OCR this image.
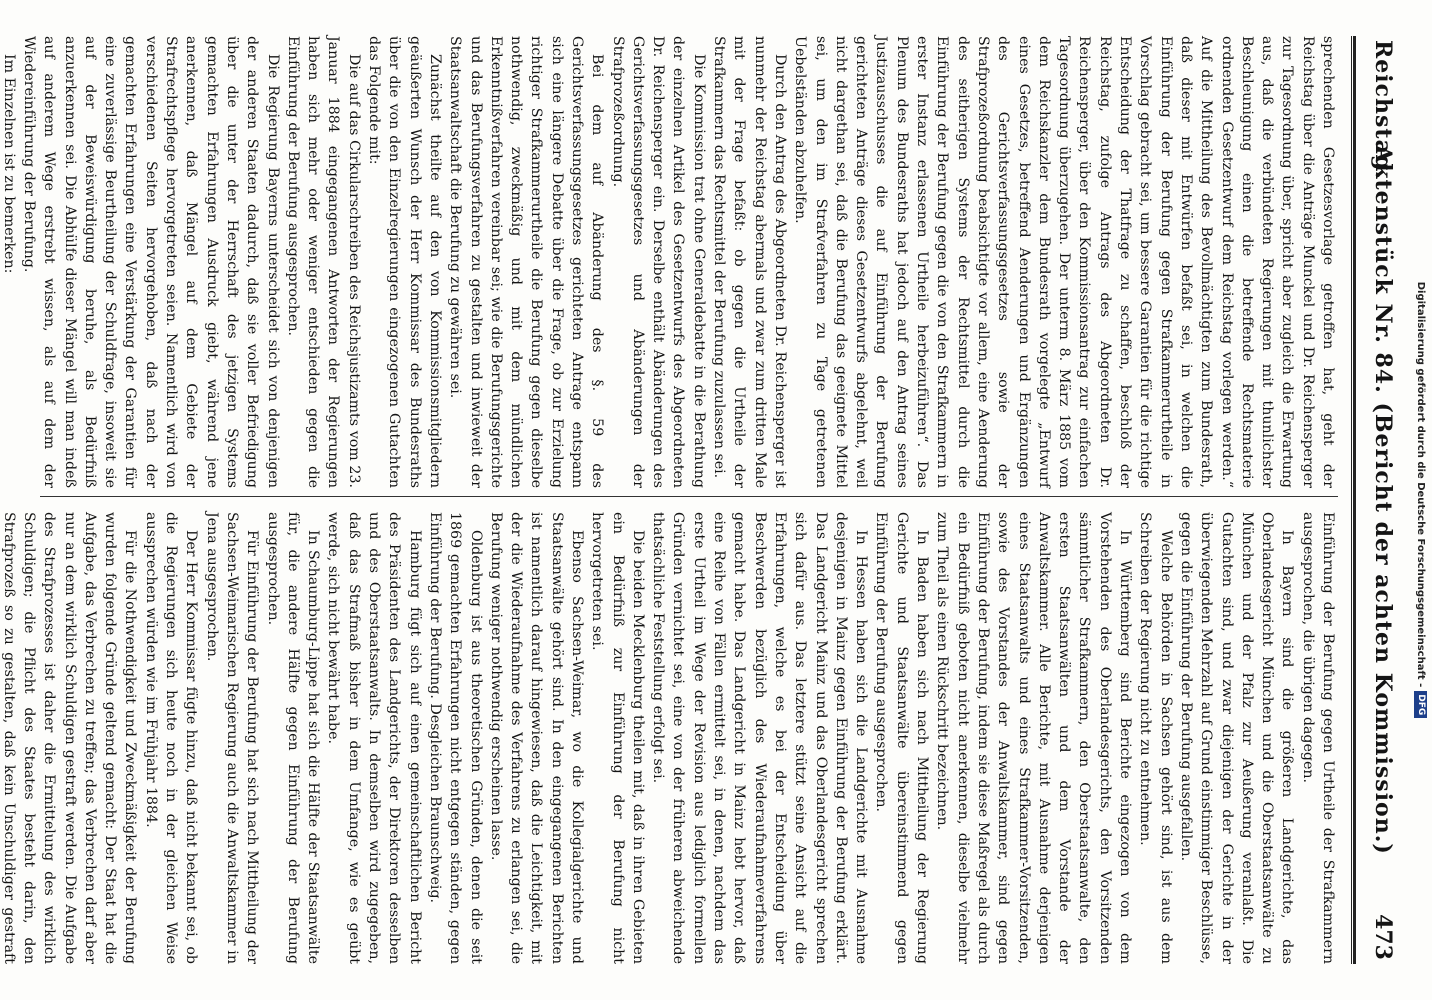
Reichstag.
Aktenstück Nr. 84. (Bericht der achten Kommission.)
473

sprechenden Gesetzesvorlage getroffen hat, geht der Reichstag über die Anträge Munckel und Dr. Reichensperger zur Tagesordnung über, spricht aber zugleich die Erwartung aus, daß die verbündeten Regierungen mit thunlichster Beschleunigung einen die betreffende Rechtsmaterie ordnenden Gesetzentwurf dem Reichstag vorlegen werden.“ Auf die Mittheilung des Bevollmächtigten zum Bundesrath, daß dieser mit Entwürfen befaßt sei, in welchen die Einführung der Berufung gegen Strafkammerurtheile in Vorschlag gebracht sei, um bessere Garantien für die richtige Entscheidung der Thatfrage zu schaffen, beschloß der Reichstag, zufolge Antrags des Abgeordneten Dr. Reichensperger, über den Kommissionsantrag zur einfachen Tagesordnung überzugehen. Der unterm 8. März 1885 vom dem Reichskanzler dem Bundesrath vorgelegte „Entwurf eines Gesetzes, betreffend Aenderungen und Ergänzungen des Gerichtsverfassungsgesetzes sowie der Strafprozeßordnung beabsichtigte vor allem, eine Aenderung des seitherigen Systems der Rechtsmittel durch die Einführung der Berufung gegen die von den Strafkammern in erster Instanz erlassenen Urtheile herbeizuführen“. Das Plenum des Bundesraths hat jedoch auf den Antrag seines Justizausschusses die auf Einführung der Berufung gerichteten Anträge dieses Gesetzentwurfs abgelehnt, weil nicht dargethan sei, daß die Berufung das geeignete Mittel sei, um den im Strafverfahren zu Tage getretenen Uebelständen abzuhelfen.

Durch den Antrag des Abgeordneten Dr. Reichensperger ist nunmehr der Reichstag abermals und zwar zum dritten Male mit der Frage befaßt: ob gegen die Urtheile der Strafkammern das Rechtsmittel der Berufung zuzulassen sei.

Die Kommission trat ohne Generaldebatte in die Berathung der einzelnen Artikel des Gesetzentwurfs des Abgeordneten Dr. Reichensperger ein. Derselbe enthält Abänderungen des Gerichtsverfassungsgesetzes und Abänderungen der Strafprozeßordnung.

Bei dem auf Abänderung des §. 59 des Gerichtsverfassungsgesetzes gerichteten Antrage entspann sich eine längere Debatte über die Frage, ob zur Erzielung richtiger Strafkammerurtheile die Berufung gegen dieselbe nothwendig, zweckmäßig und mit dem mündlichen Erkenntnißverfahren vereinbar sei; wie die Berufungsgerichte und das Berufungsverfahren zu gestalten und inwieweit der Staatsanwaltschaft die Berufung zu gewähren sei.

Zunächst theilte auf den von Kommissionsmitgliedern geäußerten Wunsch der Herr Kommissar des Bundesraths über die von den Einzelregierungen eingezogenen Gutachten das Folgende mit:

Die auf das Cirkularschreiben des Reichsjustizamts vom 23. Januar 1884 eingegangenen Antworten der Regierungen haben sich mehr oder weniger entschieden gegen die Einführung der Berufung ausgesprochen.

Die Regierung Bayerns unterscheidet sich von denjenigen der anderen Staaten dadurch, daß sie voller Befriedigung über die unter der Herrschaft des jetzigen Systems gemachten Erfahrungen Ausdruck giebt, während jene anerkennen, daß Mängel auf dem Gebiete der Strafrechtspflege hervorgetreten seien. Namentlich wird von verschiedenen Seiten hervorgehoben, daß nach der gemachten Erfahrungen eine Verstärkung der Garantien für eine zuverlässige Beurtheilung der Schuldfrage, insoweit sie auf der Beweiswürdigung beruhe, als Bedürfniß anzuerkennen sei. Die Abhülfe dieser Mängel will man indeß auf anderem Wege erstrebt wissen, als auf dem der Wiedereinführung der Berufung.

Im Einzelnen ist zu bemerken:

Einführung der Berufung gegen Urtheile der Strafkammern ausgesprochen, die übrigen dagegen.

In Bayern sind die größeren Landgerichte, das Oberlandesgericht München und die Oberstaatsanwälte zu München und der Pfalz zur Aeußerung veranlaßt. Die Gutachten sind, und zwar diejenigen der Gerichte in der überwiegenden Mehrzahl auf Grund einstimmiger Beschlüsse, gegen die Einführung der Berufung ausgefallen.

Welche Behörden in Sachsen gehört sind, ist aus dem Schreiben der Regierung nicht zu entnehmen.

In Württemberg sind Berichte eingezogen von dem Vorstehenden des Oberlandesgerichts, den Vorsitzenden sämmtlicher Strafkammern, den Oberstaatsanwalte, den ersten Staatsanwälten und dem Vorstande der Anwaltskammer. Alle Berichte, mit Ausnahme derjenigen eines Staatsanwalts und eines Strafkammer-Vorsitzenden, sowie des Vorstandes der Anwaltskammer, sind gegen Einführung der Berufung, indem sie diese Maßregel als durch ein Bedürfniß geboten nicht anerkennen, dieselbe vielmehr zum Theil als einen Rückschritt bezeichnen.

In Baden haben sich nach Mittheilung der Regierung Gerichte und Staatsanwälte übereinstimmend gegen Einführung der Berufung ausgesprochen.

In Hessen haben sich die Landgerichte mit Ausnahme desjenigen in Mainz gegen Einführung der Berufung erklärt. Das Landgericht Mainz und das Oberlandesgericht sprechen sich dafür aus. Das letztere stützt seine Ansicht auf die Erfahrungen, welche es bei der Entscheidung über Beschwerden bezüglich des Wiederaufnahmeverfahrens gemacht habe. Das Landgericht in Mainz hebt hervor, daß eine Reihe von Fällen ermittelt sei, in denen, nachdem das erste Urtheil im Wege der Revision aus lediglich formellen Gründen vernichtet sei, eine von der früheren abweichende thatsächliche Feststellung erfolgt sei.

Die beiden Mecklenburg theilen mit, daß in ihren Gebieten ein Bedürfniß zur Einführung der Berufung nicht hervorgetreten sei.

Ebenso Sachsen-Weimar, wo die Kollegialgerichte und Staatsanwälte gehört sind. In den eingegangenen Berichten ist namentlich darauf hingewiesen, daß die Leichtigkeit, mit der die Wiederaufnahme des Verfahrens zu erlangen sei, die Berufung weniger nothwendig erscheinen lasse.

Oldenburg ist aus theoretischen Gründen, denen die seit 1869 gemachten Erfahrungen nicht entgegen ständen, gegen Einführung der Berufung. Desgleichen Braunschweig.

Hamburg fügt sich auf einen gemeinschaftlichen Bericht des Präsidenten des Landgerichts, der Direktoren desselben und des Oberstaatsanwalts. In demselben wird zugegeben, daß das Strafmaß bisher in dem Umfange, wie es geübt werde, sich nicht bewährt habe.

In Schaumburg-Lippe hat sich die Hälfte der Staatsanwälte für, die andere Hälfte gegen Einführung der Berufung ausgesprochen.

Für Einführung der Berufung hat sich nach Mittheilung der Sachsen-Weimarischen Regierung auch die Anwaltskammer in Jena ausgesprochen.

Der Herr Kommissar fügte hinzu, daß nicht bekannt sei, ob die Regierungen sich heute noch in der gleichen Weise aussprechen würden wie im Frühjahr 1884.

Für die Nothwendigkeit und Zweckmäßigkeit der Berufung wurden folgende Gründe geltend gemacht: Der Staat hat die Aufgabe, das Verbrechen zu treffen; das Verbrechen darf aber nur an dem wirklich Schuldigen gestraft werden. Die Aufgabe des Strafprozesses ist daher die Ermittelung des wirklich Schuldigen; die Pflicht des Staates besteht darin, den Strafprozeß so zu gestalten, daß kein Unschuldiger gestraft

Digitalisierung gefördert durch die Deutsche Forschungsgemeinschaft -DFG
